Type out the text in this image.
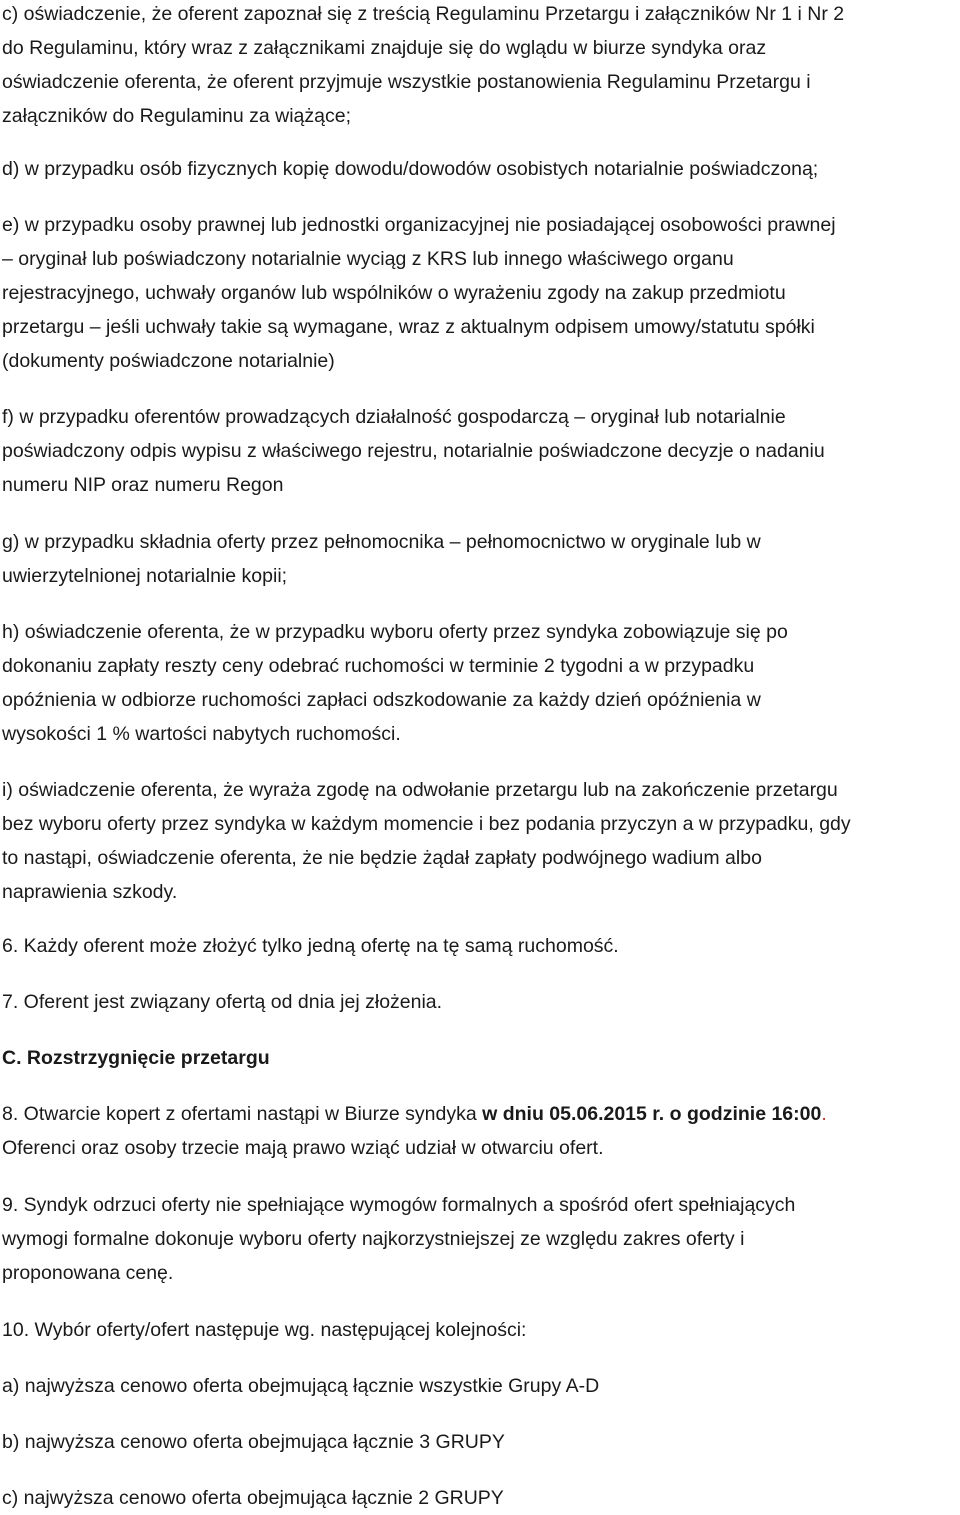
c) oświadczenie, że oferent zapoznał się z treścią Regulaminu Przetargu i załączników Nr 1 i Nr 2
do Regulaminu, który wraz z załącznikami znajduje się do wglądu w biurze syndyka oraz
oświadczenie oferenta, że oferent przyjmuje wszystkie postanowienia Regulaminu Przetargu i
załączników do Regulaminu za wiążące;
d) w przypadku osób fizycznych kopię dowodu/dowodów osobistych notarialnie poświadczoną;
e) w przypadku osoby prawnej lub jednostki organizacyjnej nie posiadającej osobowości prawnej
– oryginał lub poświadczony notarialnie wyciąg z KRS lub innego właściwego organu
rejestracyjnego, uchwały organów lub wspólników o wyrażeniu zgody na zakup przedmiotu
przetargu – jeśli uchwały takie są wymagane, wraz z aktualnym odpisem umowy/statutu spółki
(dokumenty poświadczone notarialnie)
f) w przypadku oferentów prowadzących działalność gospodarczą – oryginał lub notarialnie
poświadczony odpis wypisu z właściwego rejestru, notarialnie poświadczone decyzje o nadaniu
numeru NIP oraz numeru Regon
g) w przypadku składnia oferty przez pełnomocnika – pełnomocnictwo w oryginale lub w
uwierzytelnionej notarialnie kopii;
h) oświadczenie oferenta, że w przypadku wyboru oferty przez syndyka zobowiązuje się po
dokonaniu zapłaty reszty ceny odebrać ruchomości w terminie 2 tygodni a w przypadku
opóźnienia w odbiorze ruchomości zapłaci odszkodowanie za każdy dzień opóźnienia w
wysokości 1 % wartości nabytych ruchomości.
i) oświadczenie oferenta, że wyraża zgodę na odwołanie przetargu lub na zakończenie przetargu
bez wyboru oferty przez syndyka w każdym momencie i bez podania przyczyn a w przypadku, gdy
to nastąpi, oświadczenie oferenta, że nie będzie żądał zapłaty podwójnego wadium albo
naprawienia szkody.
6. Każdy oferent może złożyć tylko jedną ofertę na tę samą ruchomość.
7. Oferent jest związany ofertą od dnia jej złożenia.
C. Rozstrzygnięcie przetargu
8. Otwarcie kopert z ofertami nastąpi w Biurze syndyka w dniu 05.06.2015 r. o godzinie 16:00.
Oferenci oraz osoby trzecie mają prawo wziąć udział w otwarciu ofert.
9. Syndyk odrzuci oferty nie spełniające wymogów formalnych a spośród ofert spełniających
wymogi formalne dokonuje wyboru oferty najkorzystniejszej ze względu zakres oferty i
proponowana cenę.
10. Wybór oferty/ofert następuje wg. następującej kolejności:
a) najwyższa cenowo oferta obejmującą łącznie wszystkie Grupy A-D
b) najwyższa cenowo oferta obejmująca łącznie 3 GRUPY
c) najwyższa cenowo oferta obejmująca łącznie 2 GRUPY
